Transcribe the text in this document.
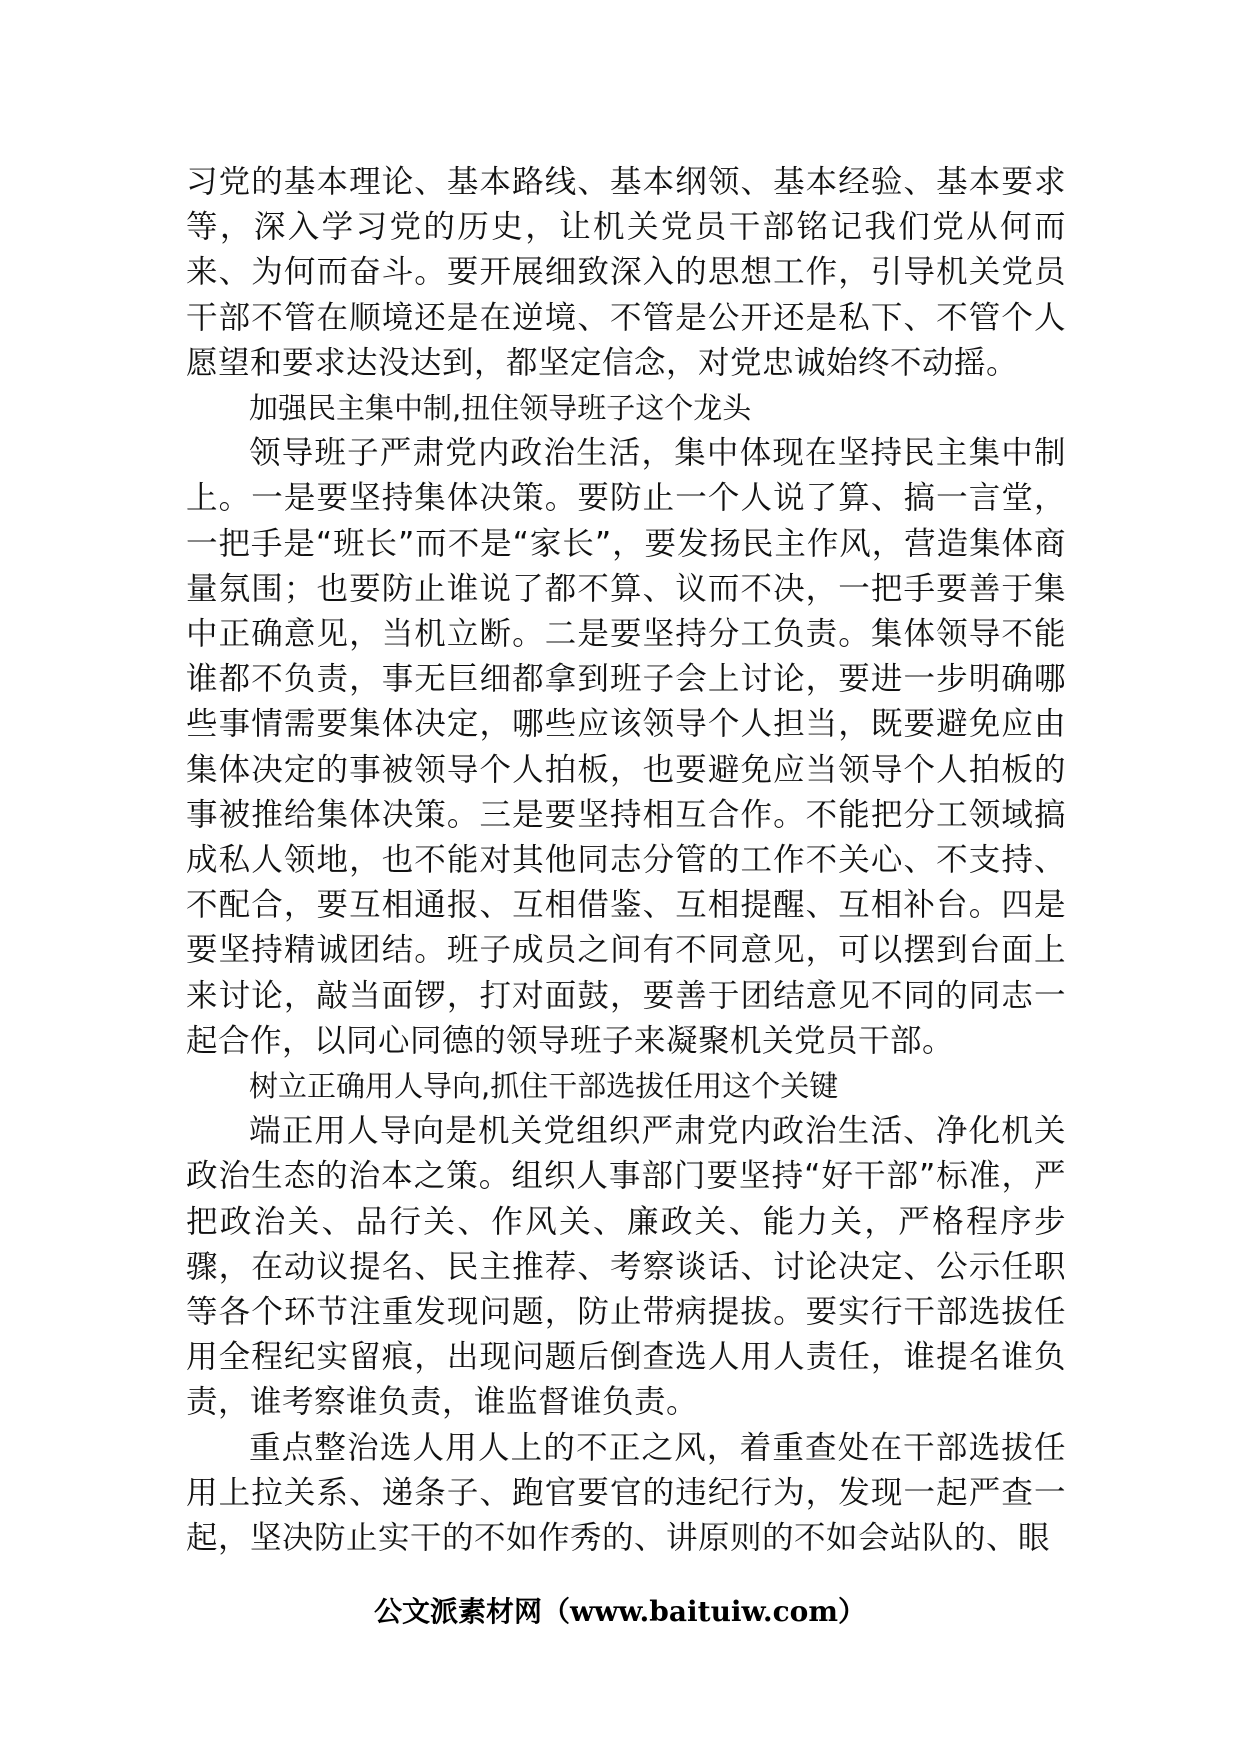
习党的基本理论、基本路线、基本纲领、基本经验、基本要求等，深入学习党的历史，让机关党员干部铭记我们党从何而来、为何而奋斗。要开展细致深入的思想工作，引导机关党员干部不管在顺境还是在逆境、不管是公开还是私下、不管个人愿望和要求达没达到，都坚定信念，对党忠诚始终不动摇。

加强民主集中制,扭住领导班子这个龙头

领导班子严肃党内政治生活，集中体现在坚持民主集中制上。一是要坚持集体决策。要防止一个人说了算、搞一言堂，一把手是“班长”而不是“家长”，要发扬民主作风，营造集体商量氛围；也要防止谁说了都不算、议而不决，一把手要善于集中正确意见，当机立断。二是要坚持分工负责。集体领导不能谁都不负责，事无巨细都拿到班子会上讨论，要进一步明确哪些事情需要集体决定，哪些应该领导个人担当，既要避免应由集体决定的事被领导个人拍板，也要避免应当领导个人拍板的事被推给集体决策。三是要坚持相互合作。不能把分工领域搞成私人领地，也不能对其他同志分管的工作不关心、不支持、不配合，要互相通报、互相借鉴、互相提醒、互相补台。四是要坚持精诚团结。班子成员之间有不同意见，可以摆到台面上来讨论，敲当面锣，打对面鼓，要善于团结意见不同的同志一起合作，以同心同德的领导班子来凝聚机关党员干部。

树立正确用人导向,抓住干部选拔任用这个关键

端正用人导向是机关党组织严肃党内政治生活、净化机关政治生态的治本之策。组织人事部门要坚持“好干部”标准，严把政治关、品行关、作风关、廉政关、能力关，严格程序步骤，在动议提名、民主推荐、考察谈话、讨论决定、公示任职等各个环节注重发现问题，防止带病提拔。要实行干部选拔任用全程纪实留痕，出现问题后倒查选人用人责任，谁提名谁负责，谁考察谁负责，谁监督谁负责。

重点整治选人用人上的不正之风，着重查处在干部选拔任用上拉关系、递条子、跑官要官的违纪行为，发现一起严查一起，坚决防止实干的不如作秀的、讲原则的不如会站队的、眼

公文派素材网（www.baituiw.com）
